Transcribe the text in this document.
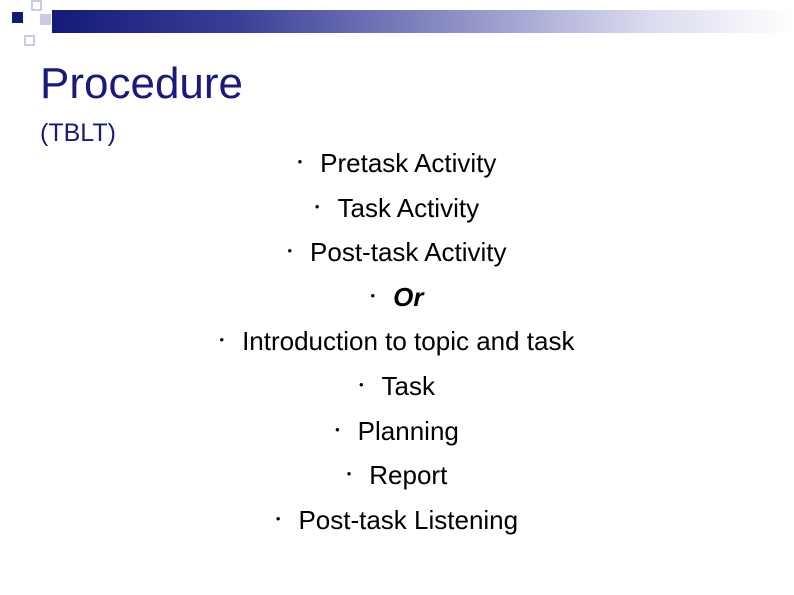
Procedure
(TBLT)
• Pretask Activity
• Task Activity
• Post-task Activity
• Or
• Introduction to topic and task
• Task
• Planning
• Report
• Post-task Listening
